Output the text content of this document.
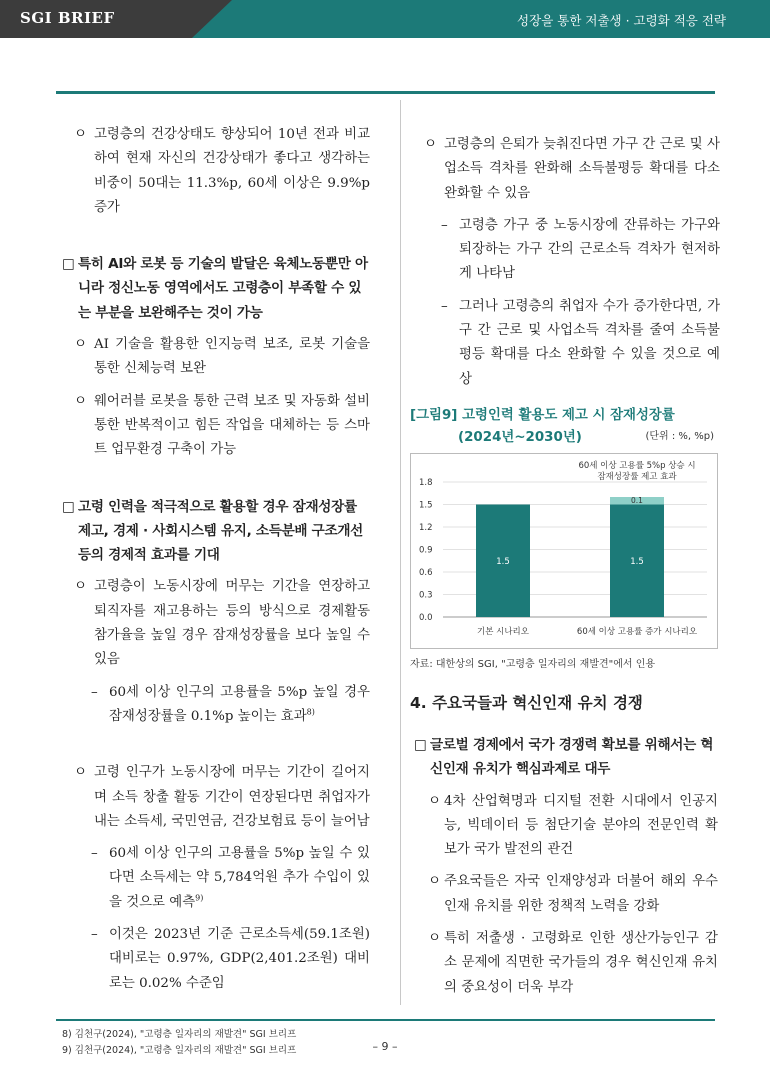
SGI BRIEF	성장을 통한 저출생 · 고령화 적응 전략
ㅇ 고령층의 건강상태도 향상되어 10년 전과 비교하여 현재 자신의 건강상태가 좋다고 생각하는 비중이 50대는 11.3%p, 60세 이상은 9.9%p 증가
□ 특히 AI와 로봇 등 기술의 발달은 육체노동뿐만 아니라 정신노동 영역에서도 고령층이 부족할 수 있는 부분을 보완해주는 것이 가능
ㅇ AI 기술을 활용한 인지능력 보조, 로봇 기술을 통한 신체능력 보완
ㅇ 웨어러블 로봇을 통한 근력 보조 및 자동화 설비 통한 반복적이고 힘든 작업을 대체하는 등 스마트 업무환경 구축이 가능
□ 고령 인력을 적극적으로 활용할 경우 잠재성장률 제고, 경제 · 사회시스템 유지, 소득분배 구조개선 등의 경제적 효과를 기대
ㅇ 고령층이 노동시장에 머무는 기간을 연장하고 퇴직자를 재고용하는 등의 방식으로 경제활동 참가율을 높일 경우 잠재성장률을 보다 높일 수 있음
– 60세 이상 인구의 고용률을 5%p 높일 경우 잠재성장률을 0.1%p 높이는 효과$^{8)}$
ㅇ 고령 인구가 노동시장에 머무는 기간이 길어지며 소득 창출 활동 기간이 연장된다면 취업자가 내는 소득세, 국민연금, 건강보험료 등이 늘어남
– 60세 이상 인구의 고용률을 5%p 높일 수 있다면 소득세는 약 5,784억원 추가 수입이 있을 것으로 예측$^{9)}$
– 이것은 2023년 기준 근로소득세(59.1조원) 대비로는 0.97%, GDP(2,401.2조원) 대비로는 0.02% 수준임
ㅇ 고령층의 은퇴가 늦춰진다면 가구 간 근로 및 사업소득 격차를 완화해 소득불평등 확대를 다소 완화할 수 있음
– 고령층 가구 중 노동시장에 잔류하는 가구와 퇴장하는 가구 간의 근로소득 격차가 현저하게 나타남
– 그러나 고령층의 취업자 수가 증가한다면, 가구 간 근로 및 사업소득 격차를 줄여 소득불평등 확대를 다소 완화할 수 있을 것으로 예상
[그림9] 고령인력 활용도 제고 시 잠재성장률
(2024년~2030년)	(단위 : %, %p)
0.0
0.3
0.6
0.9
1.2
1.5
1.8
1.5	1.5
0.1
60세 이상 고용률 5%p 상승 시
잠재성장률 제고 효과
기본 시나리오	60세 이상 고용률 증가 시나리오
자료: 대한상의 SGI, "고령층 일자리의 재발견"에서 인용
4. 주요국들과 혁신인재 유치 경쟁
□ 글로벌 경제에서 국가 경쟁력 확보를 위해서는 혁신인재 유치가 핵심과제로 대두
ㅇ 4차 산업혁명과 디지털 전환 시대에서 인공지능, 빅데이터 등 첨단기술 분야의 전문인력 확보가 국가 발전의 관건
ㅇ 주요국들은 자국 인재양성과 더불어 해외 우수인재 유치를 위한 정책적 노력을 강화
ㅇ 특히 저출생 · 고령화로 인한 생산가능인구 감소 문제에 직면한 국가들의 경우 혁신인재 유치의 중요성이 더욱 부각
8) 김천구(2024), "고령층 일자리의 재발견" SGI 브리프
9) 김천구(2024), "고령층 일자리의 재발견" SGI 브리프	– 9 –
